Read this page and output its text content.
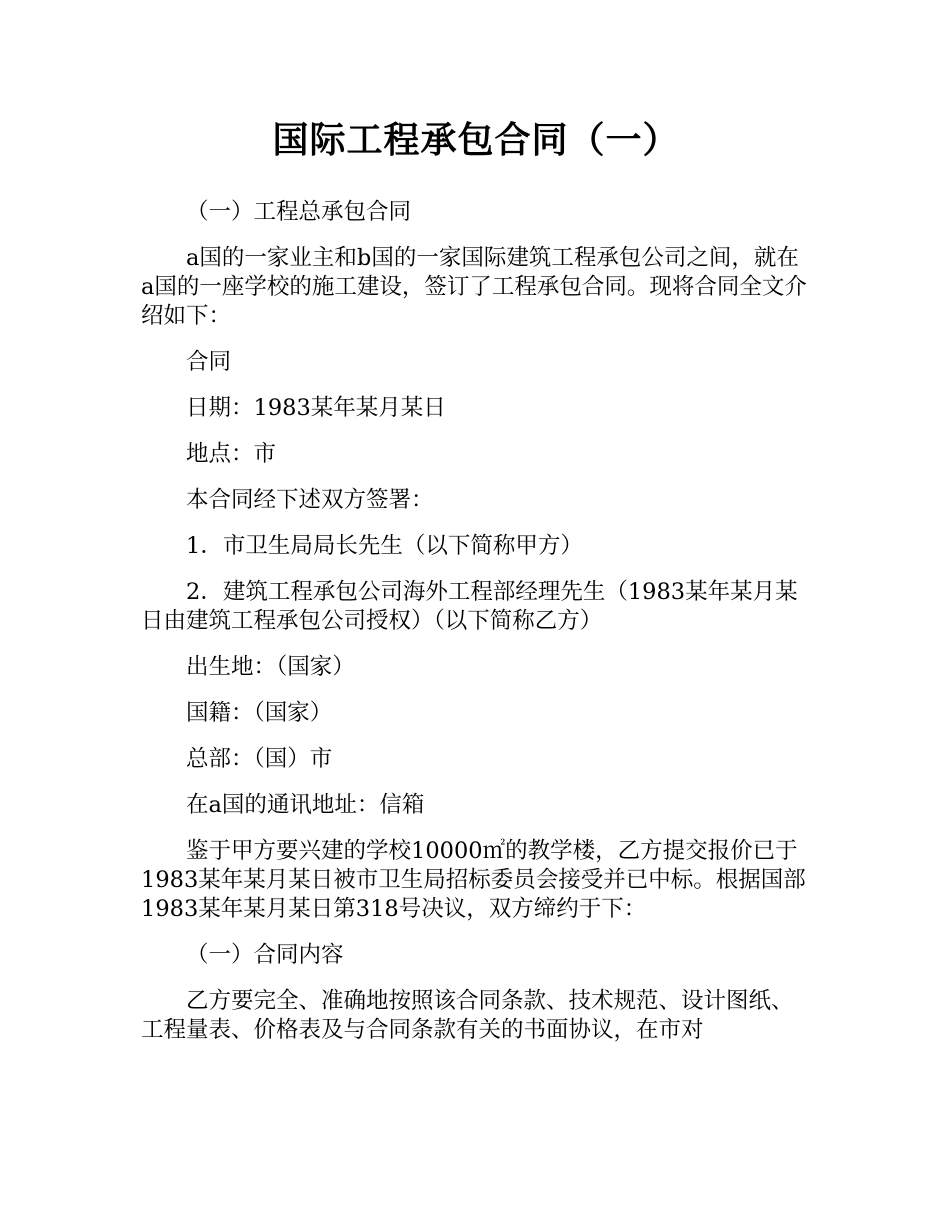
国际工程承包合同（一）

（一）工程总承包合同

a国的一家业主和b国的一家国际建筑工程承包公司之间，就在a国的一座学校的施工建设，签订了工程承包合同。现将合同全文介绍如下：

合同

日期：1983某年某月某日

地点：市

本合同经下述双方签署：

1．市卫生局局长先生（以下简称甲方）

2．建筑工程承包公司海外工程部经理先生（1983某年某月某日由建筑工程承包公司授权）（以下简称乙方）

出生地：（国家）

国籍：（国家）

总部：（国）市

在a国的通讯地址：信箱

鉴于甲方要兴建的学校10000㎡的教学楼，乙方提交报价已于1983某年某月某日被市卫生局招标委员会接受并已中标。根据国部1983某年某月某日第318号决议，双方缔约于下：

（一）合同内容

乙方要完全、准确地按照该合同条款、技术规范、设计图纸、工程量表、价格表及与合同条款有关的书面协议，在市对
